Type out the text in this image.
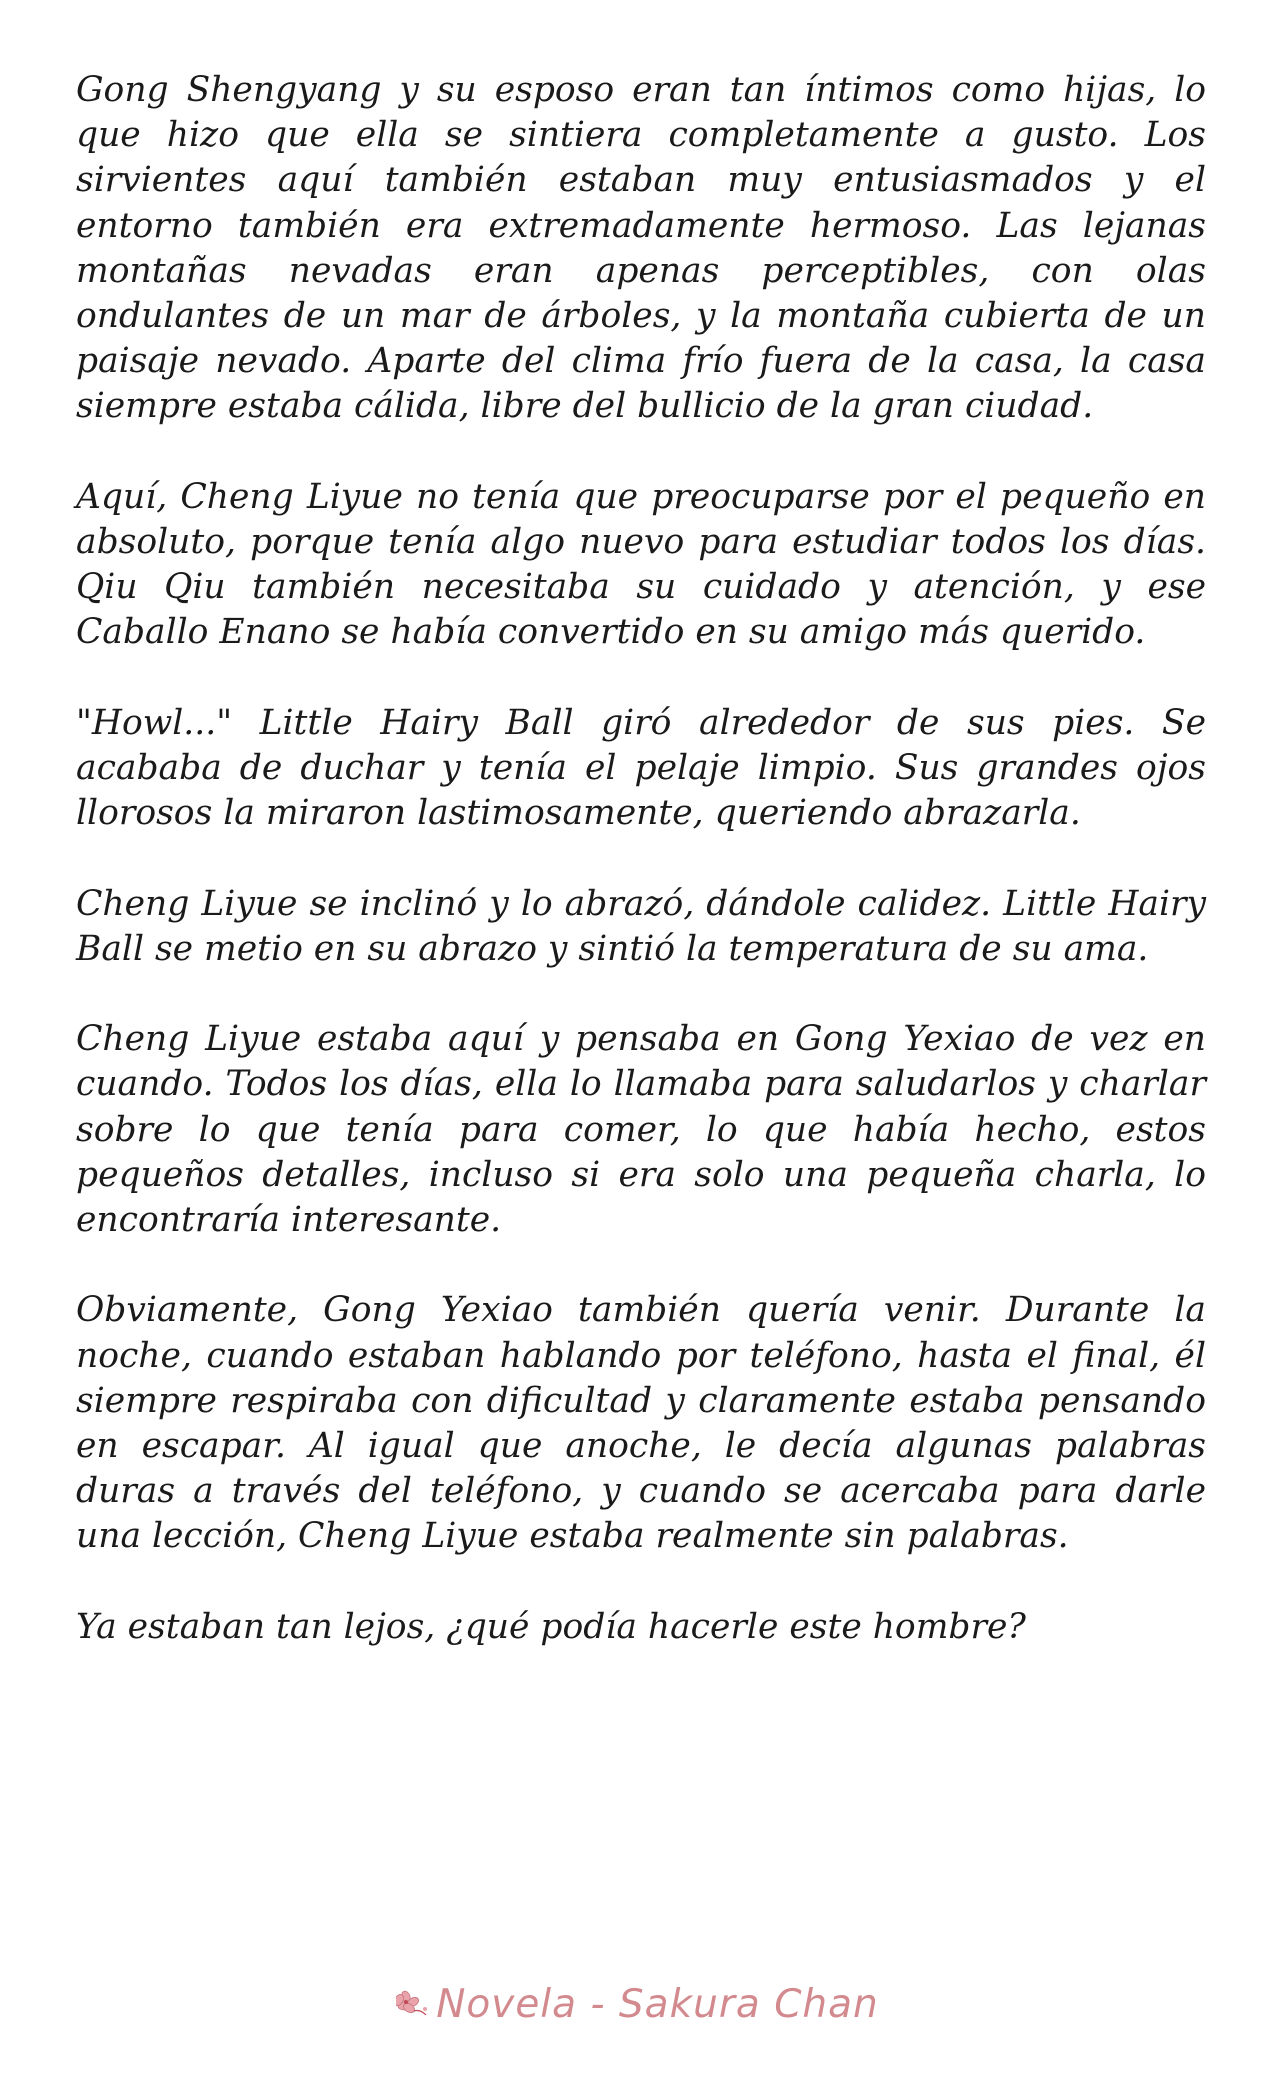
Gong Shengyang y su esposo eran tan íntimos como hijas, lo que hizo que ella se sintiera completamente a gusto. Los sirvientes aquí también estaban muy entusiasmados y el entorno también era extremadamente hermoso. Las lejanas montañas nevadas eran apenas perceptibles, con olas ondulantes de un mar de árboles, y la montaña cubierta de un paisaje nevado. Aparte del clima frío fuera de la casa, la casa siempre estaba cálida, libre del bullicio de la gran ciudad.

Aquí, Cheng Liyue no tenía que preocuparse por el pequeño en absoluto, porque tenía algo nuevo para estudiar todos los días. Qiu Qiu también necesitaba su cuidado y atención, y ese Caballo Enano se había convertido en su amigo más querido.

"Howl..." Little Hairy Ball giró alrededor de sus pies. Se acababa de duchar y tenía el pelaje limpio. Sus grandes ojos llorosos la miraron lastimosamente, queriendo abrazarla.

Cheng Liyue se inclinó y lo abrazó, dándole calidez. Little Hairy Ball se metio en su abrazo y sintió la temperatura de su ama.

Cheng Liyue estaba aquí y pensaba en Gong Yexiao de vez en cuando. Todos los días, ella lo llamaba para saludarlos y charlar sobre lo que tenía para comer, lo que había hecho, estos pequeños detalles, incluso si era solo una pequeña charla, lo encontraría interesante.

Obviamente, Gong Yexiao también quería venir. Durante la noche, cuando estaban hablando por teléfono, hasta el final, él siempre respiraba con dificultad y claramente estaba pensando en escapar. Al igual que anoche, le decía algunas palabras duras a través del teléfono, y cuando se acercaba para darle una lección, Cheng Liyue estaba realmente sin palabras.

Ya estaban tan lejos, ¿qué podía hacerle este hombre?

Novela - Sakura Chan
